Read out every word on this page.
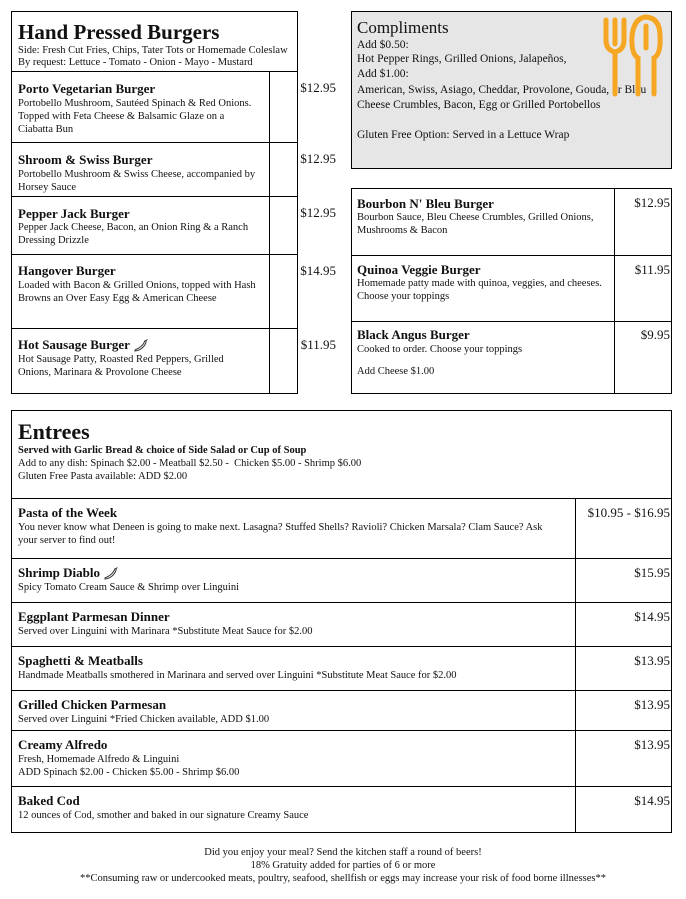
Hand Pressed Burgers
Side: Fresh Cut Fries, Chips, Tater Tots or Homemade Coleslaw
By request: Lettuce - Tomato - Onion - Mayo - Mustard
Porto Vegetarian Burger
Portobello Mushroom, Sautéed Spinach & Red Onions. Topped with Feta Cheese & Balsamic Glaze on a Ciabatta Bun
$12.95
Shroom & Swiss Burger
Portobello Mushroom & Swiss Cheese, accompanied by Horsey Sauce
$12.95
Pepper Jack Burger
Pepper Jack Cheese, Bacon, an Onion Ring & a Ranch Dressing Drizzle
$12.95
Hangover Burger
Loaded with Bacon & Grilled Onions, topped with Hash Browns an Over Easy Egg & American Cheese
$14.95
Hot Sausage Burger
Hot Sausage Patty, Roasted Red Peppers, Grilled Onions, Marinara & Provolone Cheese
$11.95
Compliments
Add $0.50:
Hot Pepper Rings, Grilled Onions, Jalapeños,
Add $1.00:
American, Swiss, Asiago, Cheddar, Provolone, Gouda, or Bleu Cheese Crumbles, Bacon, Egg or Grilled Portobellos
Gluten Free Option: Served in a Lettuce Wrap
Bourbon N' Bleu Burger
Bourbon Sauce, Bleu Cheese Crumbles, Grilled Onions, Mushrooms & Bacon
$12.95
Quinoa Veggie Burger
Homemade patty made with quinoa, veggies, and cheeses. Choose your toppings
$11.95
Black Angus Burger
Cooked to order. Choose your toppings
Add Cheese $1.00
$9.95
Entrees
Served with Garlic Bread & choice of Side Salad or Cup of Soup
Add to any dish: Spinach $2.00 - Meatball $2.50 -  Chicken $5.00 - Shrimp $6.00
Gluten Free Pasta available: ADD $2.00
Pasta of the Week
You never know what Deneen is going to make next. Lasagna? Stuffed Shells? Ravioli? Chicken Marsala? Clam Sauce? Ask your server to find out!
$10.95 - $16.95
Shrimp Diablo
Spicy Tomato Cream Sauce & Shrimp over Linguini
$15.95
Eggplant Parmesan Dinner
Served over Linguini with Marinara *Substitute Meat Sauce for $2.00
$14.95
Spaghetti & Meatballs
Handmade Meatballs smothered in Marinara and served over Linguini *Substitute Meat Sauce for $2.00
$13.95
Grilled Chicken Parmesan
Served over Linguini *Fried Chicken available, ADD $1.00
$13.95
Creamy Alfredo
Fresh, Homemade Alfredo & Linguini
ADD Spinach $2.00 - Chicken $5.00 - Shrimp $6.00
$13.95
Baked Cod
12 ounces of Cod, smother and baked in our signature Creamy Sauce
$14.95
Did you enjoy your meal? Send the kitchen staff a round of beers!
18% Gratuity added for parties of 6 or more
**Consuming raw or undercooked meats, poultry, seafood, shellfish or eggs may increase your risk of food borne illnesses**
